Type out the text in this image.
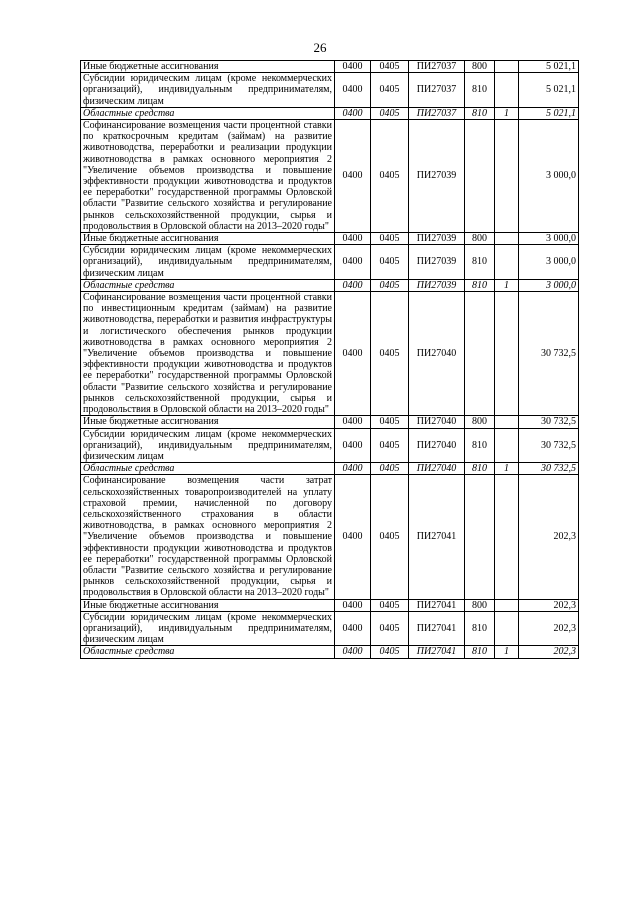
26
Иные бюджетные ассигнования	0400	0405	ПИ27037	800		5 021,1
Субсидии юридическим лицам (кроме некоммерческих организаций), индивидуальным предпринимателям, физическим лицам	0400	0405	ПИ27037	810		5 021,1
Областные средства	0400	0405	ПИ27037	810	1	5 021,1
Софинансирование возмещения части процентной ставки по краткосрочным кредитам (займам) на развитие животноводства, переработки и реализации продукции животноводства в рамках основного мероприятия 2 "Увеличение объемов производства и повышение эффективности продукции животноводства и продуктов ее переработки" государственной программы Орловской области "Развитие сельского хозяйства и регулирование рынков сельскохозяйственной продукции, сырья и продовольствия в Орловской области на 2013–2020 годы"	0400	0405	ПИ27039			3 000,0
Иные бюджетные ассигнования	0400	0405	ПИ27039	800		3 000,0
Субсидии юридическим лицам (кроме некоммерческих организаций), индивидуальным предпринимателям, физическим лицам	0400	0405	ПИ27039	810		3 000,0
Областные средства	0400	0405	ПИ27039	810	1	3 000,0
Софинансирование возмещения части процентной ставки по инвестиционным кредитам (займам) на развитие животноводства, переработки и развития инфраструктуры и логистического обеспечения рынков продукции животноводства в рамках основного мероприятия 2 "Увеличение объемов производства и повышение эффективности продукции животноводства и продуктов ее переработки" государственной программы Орловской области "Развитие сельского хозяйства и регулирование рынков сельскохозяйственной продукции, сырья и продовольствия в Орловской области на 2013–2020 годы"	0400	0405	ПИ27040			30 732,5
Иные бюджетные ассигнования	0400	0405	ПИ27040	800		30 732,5
Субсидии юридическим лицам (кроме некоммерческих организаций), индивидуальным предпринимателям, физическим лицам	0400	0405	ПИ27040	810		30 732,5
Областные средства	0400	0405	ПИ27040	810	1	30 732,5
Софинансирование возмещения части затрат сельскохозяйственных товаропроизводителей на уплату страховой премии, начисленной по договору сельскохозяйственного страхования в области животноводства, в рамках основного мероприятия 2 "Увеличение объемов производства и повышение эффективности продукции животноводства и продуктов ее переработки" государственной программы Орловской области "Развитие сельского хозяйства и регулирование рынков сельскохозяйственной продукции, сырья и продовольствия в Орловской области на 2013–2020 годы"	0400	0405	ПИ27041			202,3
Иные бюджетные ассигнования	0400	0405	ПИ27041	800		202,3
Субсидии юридическим лицам (кроме некоммерческих организаций), индивидуальным предпринимателям, физическим лицам	0400	0405	ПИ27041	810		202,3
Областные средства	0400	0405	ПИ27041	810	1	202,3
